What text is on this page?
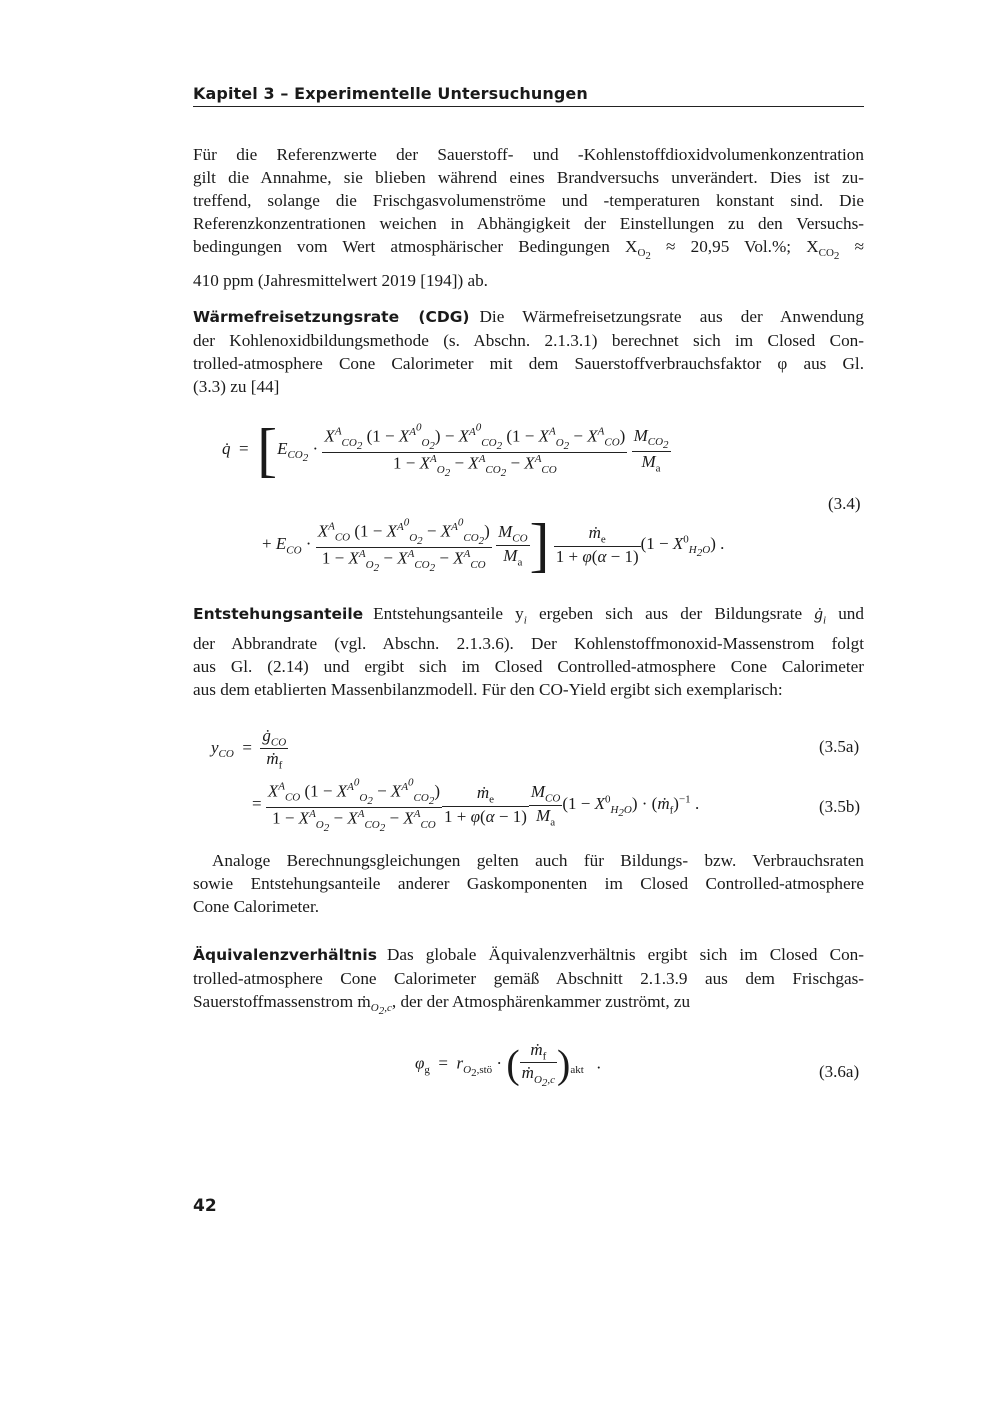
Kapitel 3 – Experimentelle Untersuchungen
Für die Referenzwerte der Sauerstoff- und -Kohlenstoffdioxidvolumenkonzentration
gilt die Annahme, sie blieben während eines Brandversuchs unverändert. Dies ist zu-
treffend, solange die Frischgasvolumenströme und -temperaturen konstant sind. Die
Referenzkonzentrationen weichen in Abhängigkeit der Einstellungen zu den Versuchs-
bedingungen vom Wert atmosphärischer Bedingungen $X_{O_2} \approx 20,95$ Vol.%; $X_{CO_2}$ ≈
410 ppm (Jahresmittelwert 2019 [194]) ab.
Wärmefreisetzungsrate (CDG) Die Wärmefreisetzungsrate aus der Anwendung
der Kohlenoxidbildungsmethode (s. Abschn. 2.1.3.1) berechnet sich im Closed Con-
trolled-atmosphere Cone Calorimeter mit dem Sauerstoffverbrauchsfaktor φ aus Gl.
(3.3) zu [44]
q̇  =  [$E_{CO_2} \cdot \frac{X^A_{CO_2} (1 - X^{A^0}_{O_2}) - X^{A^0}_{CO_2} (1 - X^A_{O_2} - X^A_{CO})}{1 - X^A_{O_2} - X^A_{CO_2} - X^A_{CO}}$
$\frac{M_{CO_2}}{M_a}$
+ $E_{CO} \cdot \frac{X^A_{CO} (1 - X^{A^0}_{O_2} - X^{A^0}_{CO_2})}{1 - X^A_{O_2} - X^A_{CO_2} - X^A_{CO}}$
$\frac{M_{CO}}{M_a}$ ] $\frac{ṁ_e}{1 + \varphi(\alpha - 1)} (1 - X^0_{H_2O})$ .
(3.4)
Entstehungsanteile Entstehungsanteile $y_i$ ergeben sich aus der Bildungsrate $ġ_i$ und
der Abbrandrate (vgl. Abschn. 2.1.3.6). Der Kohlenstoffmonoxid-Massenstrom folgt
aus Gl. (2.14) und ergibt sich im Closed Controlled-atmosphere Cone Calorimeter
aus dem etablierten Massenbilanzmodell. Für den CO-Yield ergibt sich exemplarisch:
$y_{CO} = \frac{ġ_{CO}}{ṁ_f}$	(3.5a)
= $\frac{X^A_{CO} (1 - X^{A^0}_{O_2} - X^{A^0}_{CO_2})}{1 - X^A_{O_2} - X^A_{CO_2} - X^A_{CO}} \frac{ṁ_e}{1 + \varphi(\alpha - 1)} \frac{M_{CO}}{M_a} (1 - X^0_{H_2O})$ · (ṁ$_f$)$^{-1}$ .	(3.5b)
Analoge Berechnungsgleichungen gelten auch für Bildungs- bzw. Verbrauchsraten
sowie Entstehungsanteile anderer Gaskomponenten im Closed Controlled-atmosphere
Cone Calorimeter.
Äquivalenzverhältnis Das globale Äquivalenzverhältnis ergibt sich im Closed Con-
trolled-atmosphere Cone Calorimeter gemäß Abschnitt 2.1.3.9 aus dem Frischgas-
Sauerstoffmassenstrom ṁ$_{O_2,c}$, der der Atmosphärenkammer zuströmt, zu
$\varphi_g = r_{O_2,stö}$ · ( $\frac{ṁ_f}{ṁ_{O_2,c}} )_{akt}$   .	(3.6a)
42
